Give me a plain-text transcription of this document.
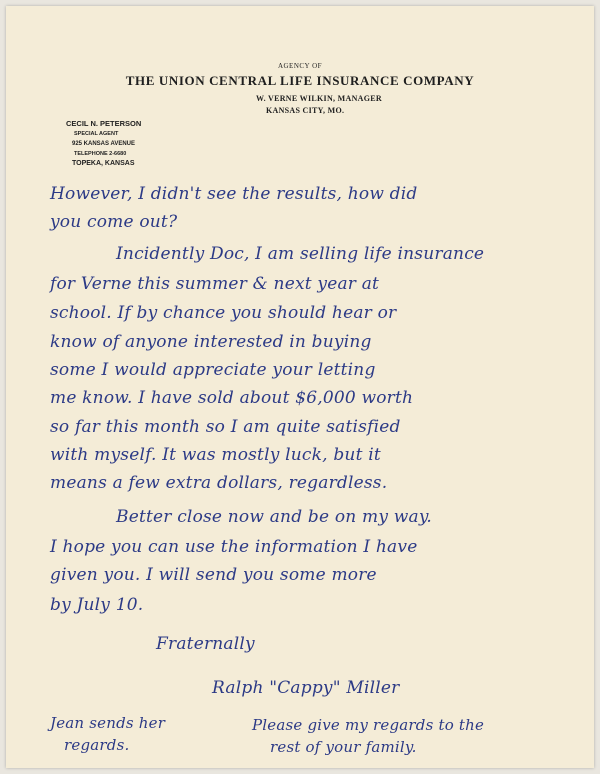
AGENCY OF
THE UNION CENTRAL LIFE INSURANCE COMPANY
W. VERNE WILKIN, MANAGER
KANSAS CITY, MO.
CECIL N. PETERSON
SPECIAL AGENT
925 KANSAS AVENUE
TELEPHONE 2-6680
TOPEKA, KANSAS
However, I didn't see the results, how did
you come out?
Incidently Doc, I am selling life insurance
for Verne this summer & next year at
school. If by chance you should hear or
know of anyone interested in buying
some I would appreciate your letting
me know. I have sold about $6,000 worth
so far this month so I am quite satisfied
with myself. It was mostly luck, but it
means a few extra dollars, regardless.
Better close now and be on my way.
I hope you can use the information I have
given you. I will send you some more
by July 10.
Fraternally
Ralph "Cappy" Miller
Jean sends her
regards.
Please give my regards to the
rest of your family.
